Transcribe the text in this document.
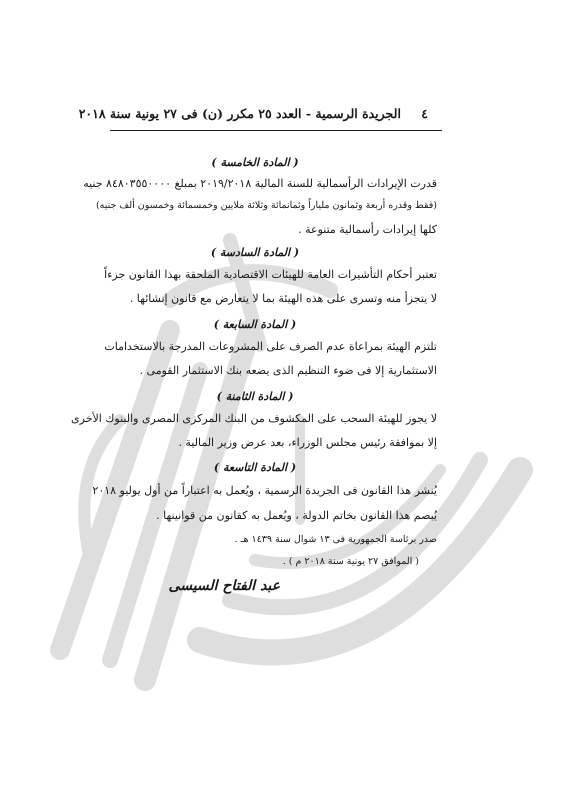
٤ الجريدة الرسمية - العدد ٢٥ مكرر (ن) فى ٢٧ يونية سنة ٢٠١٨
( المادة الخامسة )
قدرت الإيرادات الرأسمالية للسنة المالية ٢٠١٩/٢٠١٨ بمبلغ ٨٤٨٠٣٥٥٠٠٠٠ جنيه
(فقط وقدره أربعة وثمانون ملياراً وثمانمائة وثلاثة ملايين وخمسمائة وخمسون ألف جنيه)
كلها إيرادات رأسمالية متنوعة .
( المادة السادسة )
تعتبر أحكام التأشيرات العامة للهيئات الاقتصادية الملحقة بهذا القانون جزءاً
لا يتجزأ منه وتسرى على هذه الهيئة بما لا يتعارض مع قانون إنشائها .
( المادة السابعة )
تلتزم الهيئة بمراعاة عدم الصرف على المشروعات المدرجة بالاستخدامات
الاستثمارية إلا فى ضوء التنظيم الذى يضعه بنك الاستثمار القومى .
( المادة الثامنة )
لا يجوز للهيئة السحب على المكشوف من البنك المركزى المصرى والبنوك الأخرى
إلا بموافقة رئيس مجلس الوزراء، بعد عرض وزير المالية .
( المادة التاسعة )
يُنشر هذا القانون فى الجريدة الرسمية ، ويُعمل به اعتباراً من أول يوليو ٢٠١٨
يُبصم هذا القانون بخاتم الدولة ، ويُعمل به كقانون من قوانينها .
صدر برئاسة الجمهورية فى ١٣ شوال سنة ١٤٣٩ هـ .
( الموافق ٢٧ يونية سنة ٢٠١٨ م ) .
عبد الفتاح السيسى
